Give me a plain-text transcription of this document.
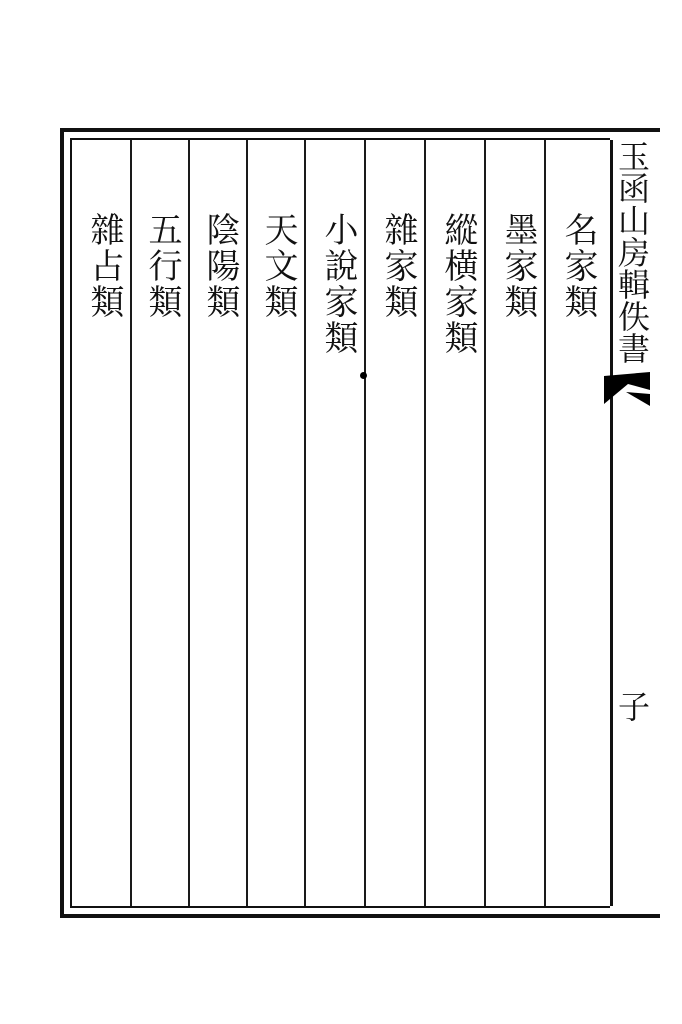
名家類
墨家類
縱横家類
雜家類
小說家類
天文類
陰陽類
五行類
雜占類	玉函山房輯佚書
子
